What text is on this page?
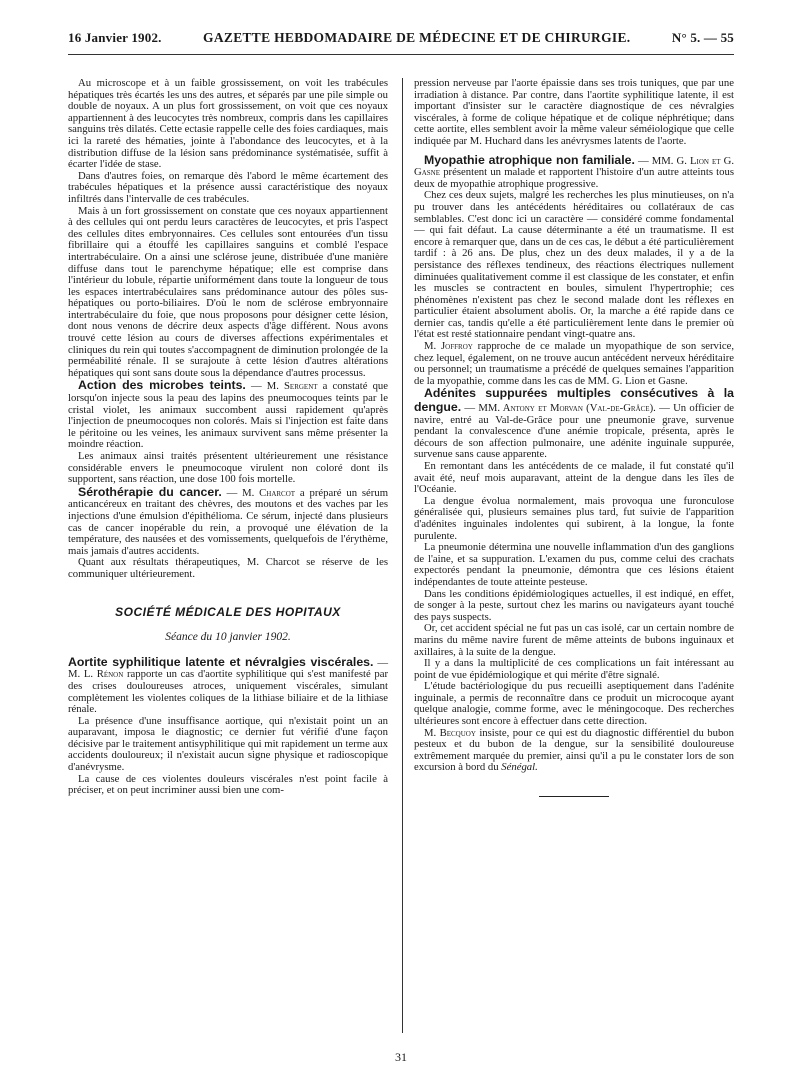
16 Janvier 1902.	GAZETTE HEBDOMADAIRE DE MÉDECINE ET DE CHIRURGIE.	N° 5. — 55

Au microscope et à un faible grossissement, on voit les trabécules hépatiques très écartés les uns des autres, et séparés par une pile simple ou double de noyaux. A un plus fort grossissement, on voit que ces noyaux appartiennent à des leucocytes très nombreux, compris dans les capillaires sanguins très dilatés. Cette ectasie rappelle celle des foies cardiaques, mais ici la rareté des hématies, jointe à l'abondance des leucocytes, et à la distribution diffuse de la lésion sans prédominance systématisée, suffit à écarter l'idée de stase.

Dans d'autres foies, on remarque dès l'abord le même écartement des trabécules hépatiques et la présence aussi caractéristique des noyaux infiltrés dans l'intervalle de ces trabécules.

Mais à un fort grossissement on constate que ces noyaux appartiennent à des cellules qui ont perdu leurs caractères de leucocytes, et pris l'aspect des cellules dites embryonnaires. Ces cellules sont entourées d'un tissu fibrillaire qui a étouffé les capillaires sanguins et comblé l'espace intertrabéculaire. On a ainsi une sclérose jeune, distribuée d'une manière diffuse dans tout le parenchyme hépatique; elle est comprise dans l'intérieur du lobule, répartie uniformément dans toute la longueur de tous les espaces intertrabéculaires sans prédominance autour des pôles sus-hépatiques ou porto-biliaires. D'où le nom de sclérose embryonnaire intertrabéculaire du foie, que nous proposons pour désigner cette lésion, dont nous venons de décrire deux aspects d'âge différent. Nous avons trouvé cette lésion au cours de diverses affections expérimentales et cliniques du rein qui toutes s'accompagnent de diminution prolongée de la perméabilité rénale. Il se surajoute à cette lésion d'autres altérations hépatiques qui sont sans doute sous la dépendance d'autres processus.

Action des microbes teints. — M. Sergent a constaté que lorsqu'on injecte sous la peau des lapins des pneumocoques teints par le cristal violet, les animaux succombent aussi rapidement qu'après l'injection de pneumocoques non colorés. Mais si l'injection est faite dans le péritoine ou les veines, les animaux survivent sans même présenter la moindre réaction.

Les animaux ainsi traités présentent ultérieurement une résistance considérable envers le pneumocoque virulent non coloré dont ils supportent, sans réaction, une dose 100 fois mortelle.

Sérothérapie du cancer. — M. Charcot a préparé un sérum anticancéreux en traitant des chèvres, des moutons et des vaches par les injections d'une émulsion d'épithélioma. Ce sérum, injecté dans plusieurs cas de cancer inopérable du rein, a provoqué une élévation de la température, des nausées et des vomissements, quelquefois de l'érythème, mais jamais d'autres accidents.

Quant aux résultats thérapeutiques, M. Charcot se réserve de les communiquer ultérieurement.

SOCIÉTÉ MÉDICALE DES HOPITAUX
Séance du 10 janvier 1902.

Aortite syphilitique latente et névralgies viscérales. — M. L. Rénon rapporte un cas d'aortite syphilitique qui s'est manifesté par des crises douloureuses atroces, uniquement viscérales, simulant complètement les violentes coliques de la lithiase biliaire et de la lithiase rénale.

La présence d'une insuffisance aortique, qui n'existait point un an auparavant, imposa le diagnostic; ce dernier fut vérifié d'une façon décisive par le traitement antisyphilitique qui mit rapidement un terme aux accidents douloureux; il n'existait aucun signe physique et radioscopique d'anévrysme.

La cause de ces violentes douleurs viscérales n'est point facile à préciser, et on peut incriminer aussi bien une com-

pression nerveuse par l'aorte épaissie dans ses trois tuniques, que par une irradiation à distance. Par contre, dans l'aortite syphilitique latente, il est important d'insister sur le caractère diagnostique de ces névralgies viscérales, à forme de colique hépatique et de colique néphrétique; dans cette aortite, elles semblent avoir la même valeur séméiologique que celle indiquée par M. Huchard dans les anévrysmes latents de l'aorte.

Myopathie atrophique non familiale. — MM. G. Lion et G. Gasne présentent un malade et rapportent l'histoire d'un autre atteints tous deux de myopathie atrophique progressive.

Chez ces deux sujets, malgré les recherches les plus minutieuses, on n'a pu trouver dans les antécédents héréditaires ou collatéraux de cas semblables. C'est donc ici un caractère — considéré comme fondamental — qui fait défaut. La cause déterminante a été un traumatisme. Il est encore à remarquer que, dans un de ces cas, le début a été particulièrement tardif : à 26 ans. De plus, chez un des deux malades, il y a de la persistance des réflexes tendineux, des réactions électriques nullement diminuées qualitativement comme il est classique de les constater, et enfin les muscles se contractent en boules, simulent l'hypertrophie; ces phénomènes n'existent pas chez le second malade dont les réflexes en particulier étaient absolument abolis. Or, la marche a été rapide dans ce dernier cas, tandis qu'elle a été particulièrement lente dans le premier où l'état est resté stationnaire pendant vingt-quatre ans.

M. Joffroy rapproche de ce malade un myopathique de son service, chez lequel, également, on ne trouve aucun antécédent nerveux héréditaire ou personnel; un traumatisme a précédé de quelques semaines l'apparition de la myopathie, comme dans les cas de MM. G. Lion et Gasne.

Adénites suppurées multiples consécutives à la dengue. — MM. Antony et Morvan (Val-de-Grâce). — Un officier de navire, entré au Val-de-Grâce pour une pneumonie grave, survenue pendant la convalescence d'une anémie tropicale, présenta, après le décours de son affection pulmonaire, une adénite inguinale suppurée, survenue sans cause apparente.

En remontant dans les antécédents de ce malade, il fut constaté qu'il avait été, neuf mois auparavant, atteint de la dengue dans les îles de l'Océanie.

La dengue évolua normalement, mais provoqua une furonculose généralisée qui, plusieurs semaines plus tard, fut suivie de l'apparition d'adénites inguinales indolentes qui subirent, à la longue, la fonte purulente.

La pneumonie détermina une nouvelle inflammation d'un des ganglions de l'aine, et sa suppuration. L'examen du pus, comme celui des crachats expectorés pendant la pneumonie, démontra que ces lésions étaient indépendantes de toute atteinte pesteuse.

Dans les conditions épidémiologiques actuelles, il est indiqué, en effet, de songer à la peste, surtout chez les marins ou navigateurs ayant touché des pays suspects.

Or, cet accident spécial ne fut pas un cas isolé, car un certain nombre de marins du même navire furent de même atteints de bubons inguinaux et axillaires, à la suite de la dengue.

Il y a dans la multiplicité de ces complications un fait intéressant au point de vue épidémiologique et qui mérite d'être signalé.

L'étude bactériologique du pus recueilli aseptiquement dans l'adénite inguinale, a permis de reconnaître dans ce produit un microcoque ayant quelque analogie, comme forme, avec le méningocoque. Des recherches ultérieures sont encore à effectuer dans cette direction.

M. Becquoy insiste, pour ce qui est du diagnostic différentiel du bubon pesteux et du bubon de la dengue, sur la sensibilité douloureuse extrêmement marquée du premier, ainsi qu'il a pu le constater lors de son excursion à bord du Sénégal.

31
